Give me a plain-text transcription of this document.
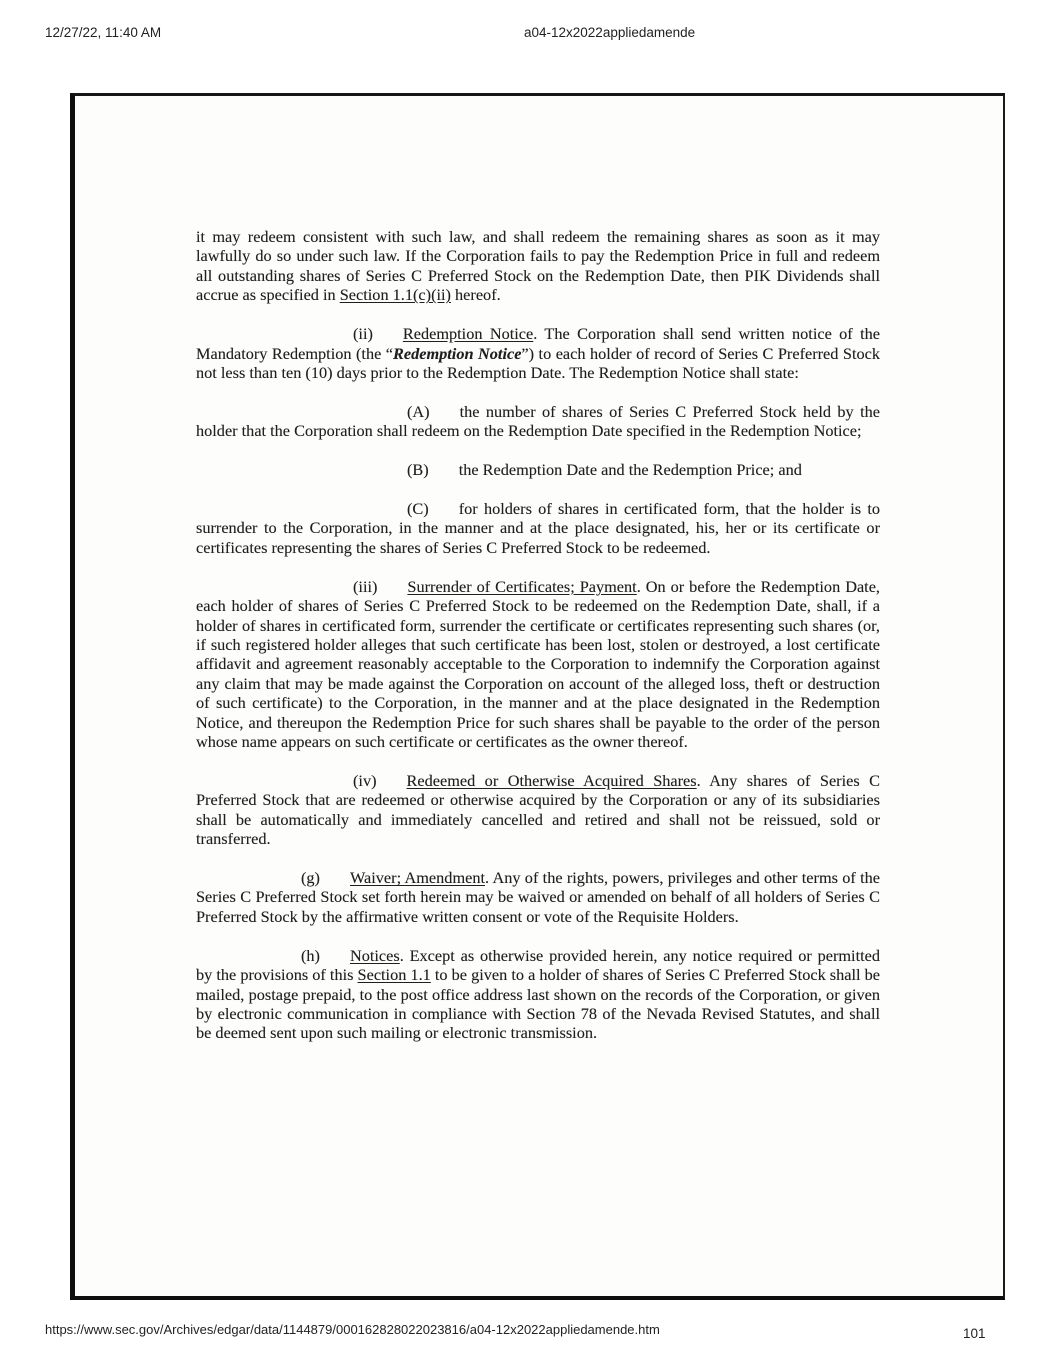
12/27/22, 11:40 AM	a04-12x2022appliedamende

it may redeem consistent with such law, and shall redeem the remaining shares as soon as it may lawfully do so under such law. If the Corporation fails to pay the Redemption Price in full and redeem all outstanding shares of Series C Preferred Stock on the Redemption Date, then PIK Dividends shall accrue as specified in Section 1.1(c)(ii) hereof.

(ii) Redemption Notice. The Corporation shall send written notice of the Mandatory Redemption (the “Redemption Notice”) to each holder of record of Series C Preferred Stock not less than ten (10) days prior to the Redemption Date. The Redemption Notice shall state:

(A) the number of shares of Series C Preferred Stock held by the holder that the Corporation shall redeem on the Redemption Date specified in the Redemption Notice;

(B) the Redemption Date and the Redemption Price; and

(C) for holders of shares in certificated form, that the holder is to surrender to the Corporation, in the manner and at the place designated, his, her or its certificate or certificates representing the shares of Series C Preferred Stock to be redeemed.

(iii) Surrender of Certificates; Payment. On or before the Redemption Date, each holder of shares of Series C Preferred Stock to be redeemed on the Redemption Date, shall, if a holder of shares in certificated form, surrender the certificate or certificates representing such shares (or, if such registered holder alleges that such certificate has been lost, stolen or destroyed, a lost certificate affidavit and agreement reasonably acceptable to the Corporation to indemnify the Corporation against any claim that may be made against the Corporation on account of the alleged loss, theft or destruction of such certificate) to the Corporation, in the manner and at the place designated in the Redemption Notice, and thereupon the Redemption Price for such shares shall be payable to the order of the person whose name appears on such certificate or certificates as the owner thereof.

(iv) Redeemed or Otherwise Acquired Shares. Any shares of Series C Preferred Stock that are redeemed or otherwise acquired by the Corporation or any of its subsidiaries shall be automatically and immediately cancelled and retired and shall not be reissued, sold or transferred.

(g) Waiver; Amendment. Any of the rights, powers, privileges and other terms of the Series C Preferred Stock set forth herein may be waived or amended on behalf of all holders of Series C Preferred Stock by the affirmative written consent or vote of the Requisite Holders.

(h) Notices. Except as otherwise provided herein, any notice required or permitted by the provisions of this Section 1.1 to be given to a holder of shares of Series C Preferred Stock shall be mailed, postage prepaid, to the post office address last shown on the records of the Corporation, or given by electronic communication in compliance with Section 78 of the Nevada Revised Statutes, and shall be deemed sent upon such mailing or electronic transmission.

https://www.sec.gov/Archives/edgar/data/1144879/000162828022023816/a04-12x2022appliedamende.htm	101
